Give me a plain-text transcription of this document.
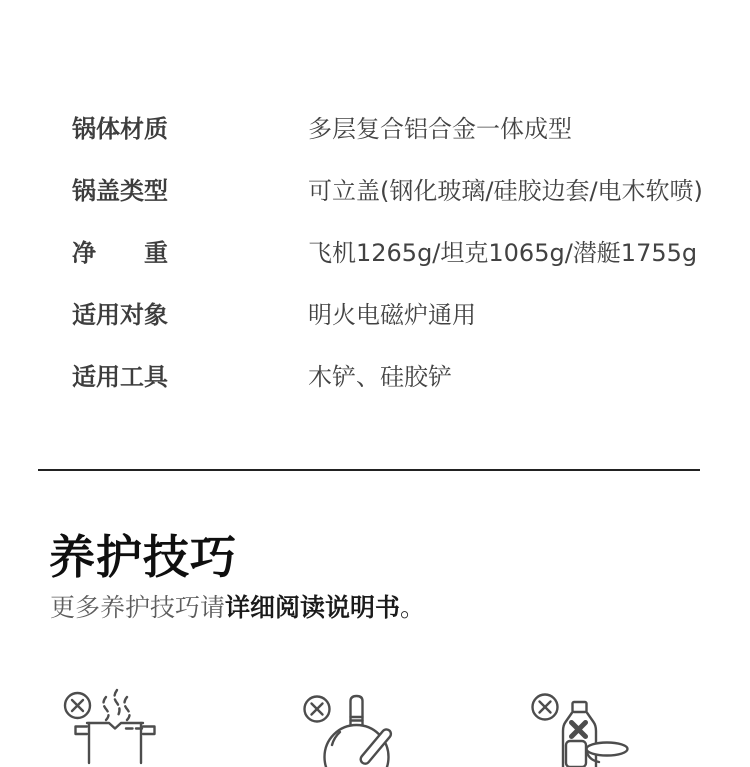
锅体材质	多层复合铝合金一体成型
锅盖类型	可立盖(钢化玻璃/硅胶边套/电木软喷)
净重	飞机1265g/坦克1065g/潜艇1755g
适用对象	明火电磁炉通用
适用工具	木铲、硅胶铲
养护技巧

更多养护技巧请详细阅读说明书。
